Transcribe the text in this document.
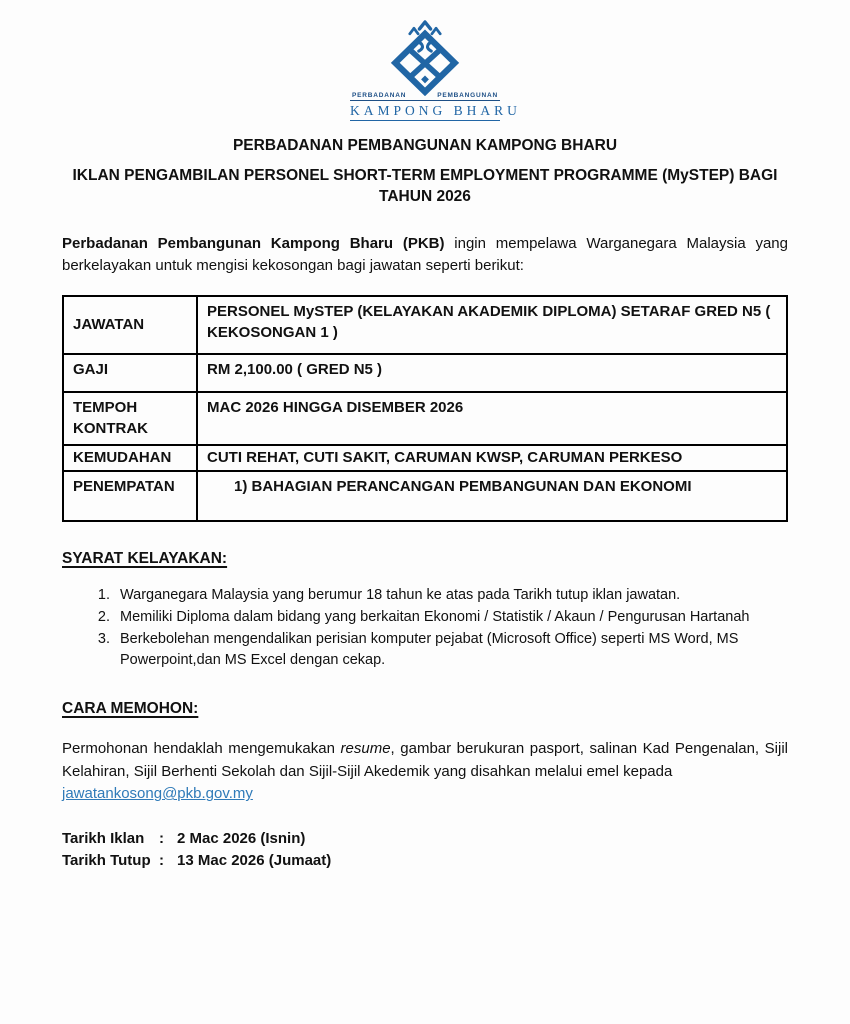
PERBADANAN	PEMBANGUNAN
KAMPONG BHARU
PERBADANAN PEMBANGUNAN KAMPONG BHARU
IKLAN PENGAMBILAN PERSONEL SHORT-TERM EMPLOYMENT PROGRAMME (MySTEP) BAGI
TAHUN 2026

Perbadanan Pembangunan Kampong Bharu (PKB) ingin mempelawa Warganegara Malaysia yang berkelayakan untuk mengisi kekosongan bagi jawatan seperti berikut:

JAWATAN	PERSONEL MySTEP (KELAYAKAN AKADEMIK DIPLOMA) SETARAF GRED N5 ( KEKOSONGAN 1 )
GAJI	RM 2,100.00 ( GRED N5 )
TEMPOH KONTRAK	MAC 2026 HINGGA DISEMBER 2026
KEMUDAHAN	CUTI REHAT, CUTI SAKIT, CARUMAN KWSP, CARUMAN PERKESO
PENEMPATAN	1) BAHAGIAN PERANCANGAN PEMBANGUNAN DAN EKONOMI
SYARAT KELAYAKAN:
1. Warganegara Malaysia yang berumur 18 tahun ke atas pada Tarikh tutup iklan jawatan.
2. Memiliki Diploma dalam bidang yang berkaitan Ekonomi / Statistik / Akaun / Pengurusan Hartanah
3. Berkebolehan mengendalikan perisian komputer pejabat (Microsoft Office) seperti MS Word, MS Powerpoint,dan MS Excel dengan cekap.
CARA MEMOHON:

Permohonan hendaklah mengemukakan resume, gambar berukuran pasport, salinan Kad Pengenalan, Sijil Kelahiran, Sijil Berhenti Sekolah dan Sijil-Sijil Akedemik yang disahkan melalui emel kepada
jawatankosong@pkb.gov.my

Tarikh Iklan : 2 Mac 2026 (Isnin)
Tarikh Tutup : 13 Mac 2026 (Jumaat)
